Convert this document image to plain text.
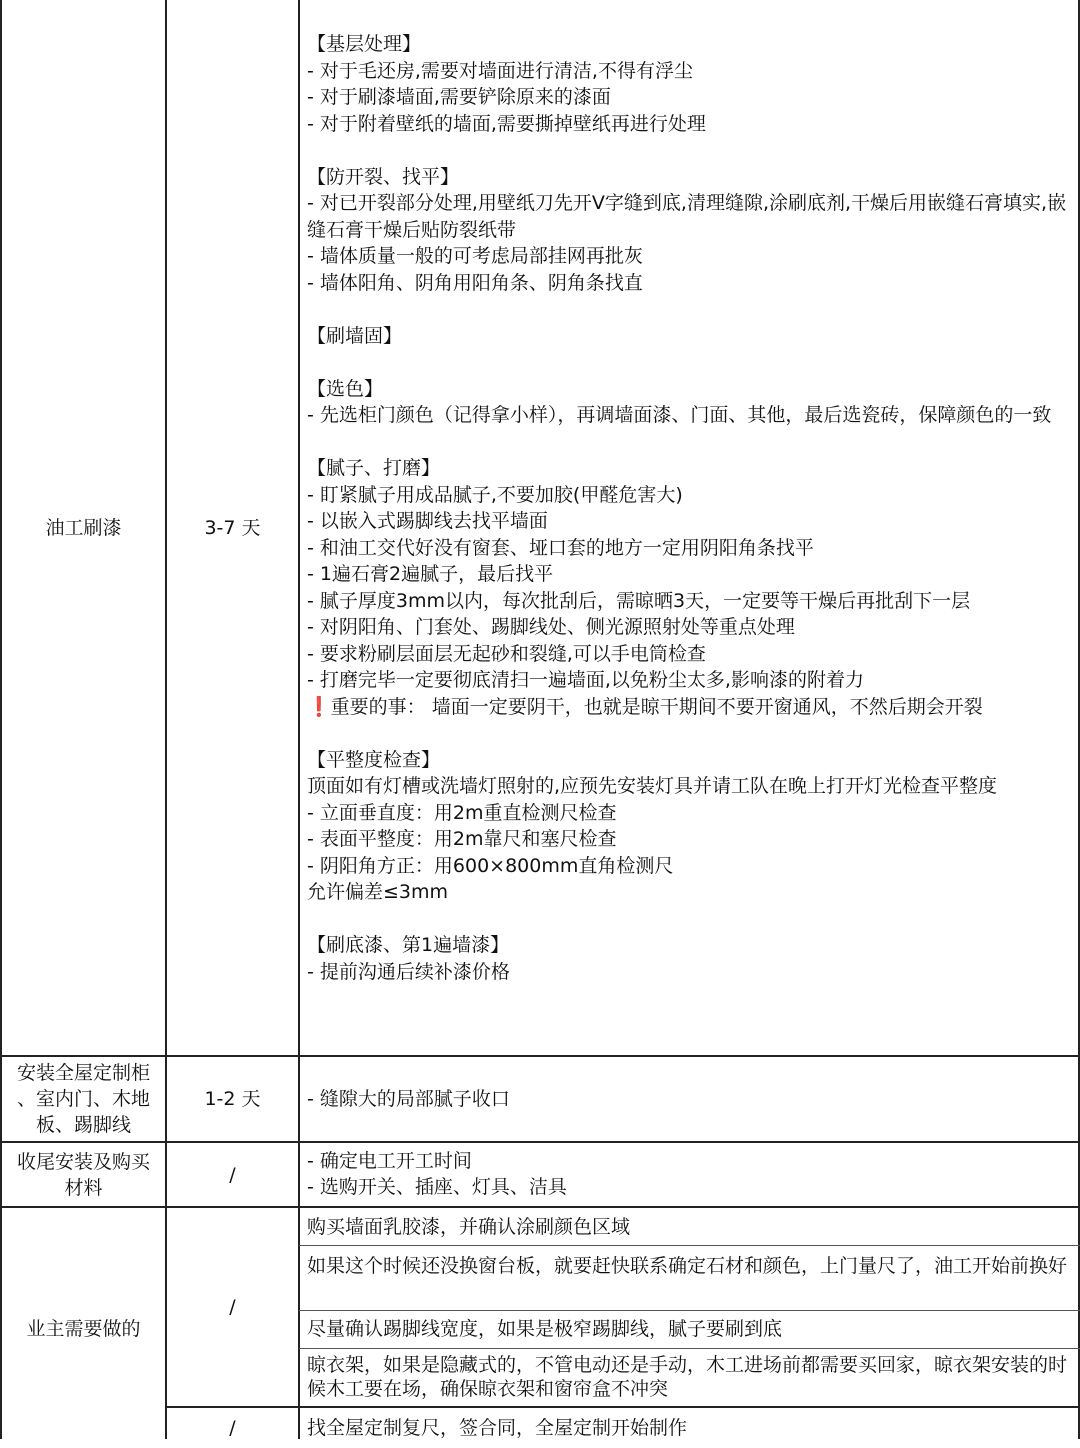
油工刷漆	3-7 天
【基层处理】
- 对于毛还房,需要对墙面进行清洁,不得有浮尘
- 对于刷漆墙面,需要铲除原来的漆面
- 对于附着壁纸的墙面,需要撕掉壁纸再进行处理
【防开裂、找平】
- 对已开裂部分处理,用壁纸刀先开V字缝到底,清理缝隙,涂刷底剂,干燥后用嵌缝石膏填实,嵌缝石膏干燥后贴防裂纸带
- 墙体质量一般的可考虑局部挂网再批灰
- 墙体阳角、阴角用阳角条、阴角条找直
【刷墙固】
【选色】
- 先选柜门颜色（记得拿小样），再调墙面漆、门面、其他，最后选瓷砖，保障颜色的一致
【腻子、打磨】
- 盯紧腻子用成品腻子,不要加胶(甲醛危害大)
- 以嵌入式踢脚线去找平墙面
- 和油工交代好没有窗套、垭口套的地方一定用阴阳角条找平
- 1遍石膏2遍腻子，最后找平
- 腻子厚度3mm以内，每次批刮后，需晾晒3天，一定要等干燥后再批刮下一层
- 对阴阳角、门套处、踢脚线处、侧光源照射处等重点处理
- 要求粉刷层面层无起砂和裂缝,可以手电筒检查
- 打磨完毕一定要彻底清扫一遍墙面,以免粉尘太多,影响漆的附着力
❗重要的事： 墙面一定要阴干，也就是晾干期间不要开窗通风，不然后期会开裂
【平整度检查】
顶面如有灯槽或洗墙灯照射的,应预先安装灯具并请工队在晚上打开灯光检查平整度
- 立面垂直度：用2m重直检测尺检查
- 表面平整度：用2m靠尺和塞尺检查
- 阴阳角方正：用600×800mm直角检测尺
允许偏差≤3mm
【刷底漆、第1遍墙漆】
- 提前沟通后续补漆价格
安装全屋定制柜
、室内门、木地
板、踢脚线
1-2 天 - 缝隙大的局部腻子收口
收尾安装及购买
材料
/
- 确定电工开工时间
- 选购开关、插座、灯具、洁具
业主需要做的
/
购买墙面乳胶漆，并确认涂刷颜色区域
如果这个时候还没换窗台板，就要赶快联系确定石材和颜色，上门量尺了，油工开始前换好
尽量确认踢脚线宽度，如果是极窄踢脚线，腻子要刷到底
晾衣架，如果是隐藏式的，不管电动还是手动，木工进场前都需要买回家，晾衣架安装的时候木工要在场，确保晾衣架和窗帘盒不冲突
/	找全屋定制复尺，签合同，全屋定制开始制作
